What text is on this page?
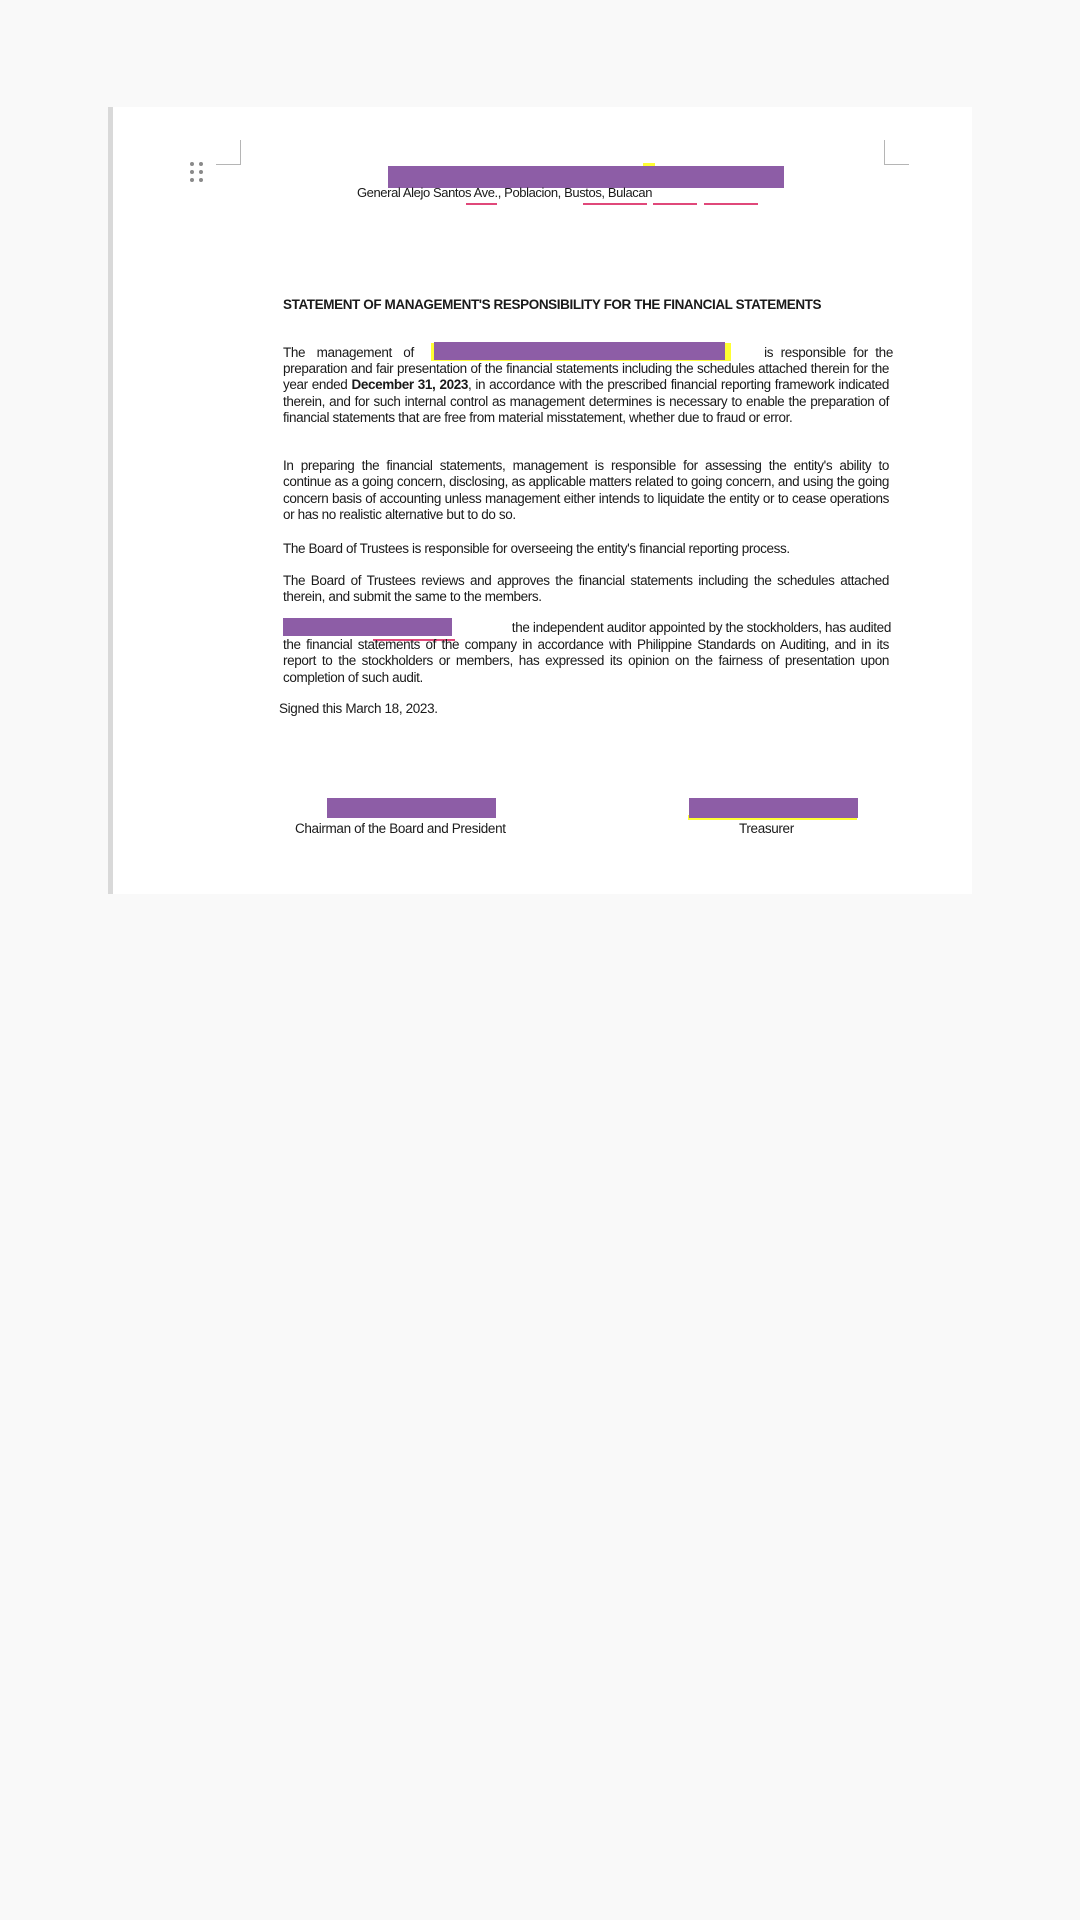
General Alejo Santos Ave., Poblacion, Bustos, Bulacan
STATEMENT OF MANAGEMENT'S RESPONSIBILITY FOR THE FINANCIAL STATEMENTS
The management of	is responsible for the
preparation and fair presentation of the financial statements including the schedules attached therein for the year ended December 31, 2023, in accordance with the prescribed financial reporting framework indicated therein, and for such internal control as management determines is necessary to enable the preparation of financial statements that are free from material misstatement, whether due to fraud or error.
In preparing the financial statements, management is responsible for assessing the entity's ability to continue as a going concern, disclosing, as applicable matters related to going concern, and using the going concern basis of accounting unless management either intends to liquidate the entity or to cease operations or has no realistic alternative but to do so.
The Board of Trustees is responsible for overseeing the entity's financial reporting process.
The Board of Trustees reviews and approves the financial statements including the schedules attached therein, and submit the same to the members.
the independent auditor appointed by the stockholders, has audited
the financial statements of the company in accordance with Philippine Standards on Auditing, and in its report to the stockholders or members, has expressed its opinion on the fairness of presentation upon completion of such audit.
Signed this March 18, 2023.
Chairman of the Board and President	Treasurer
